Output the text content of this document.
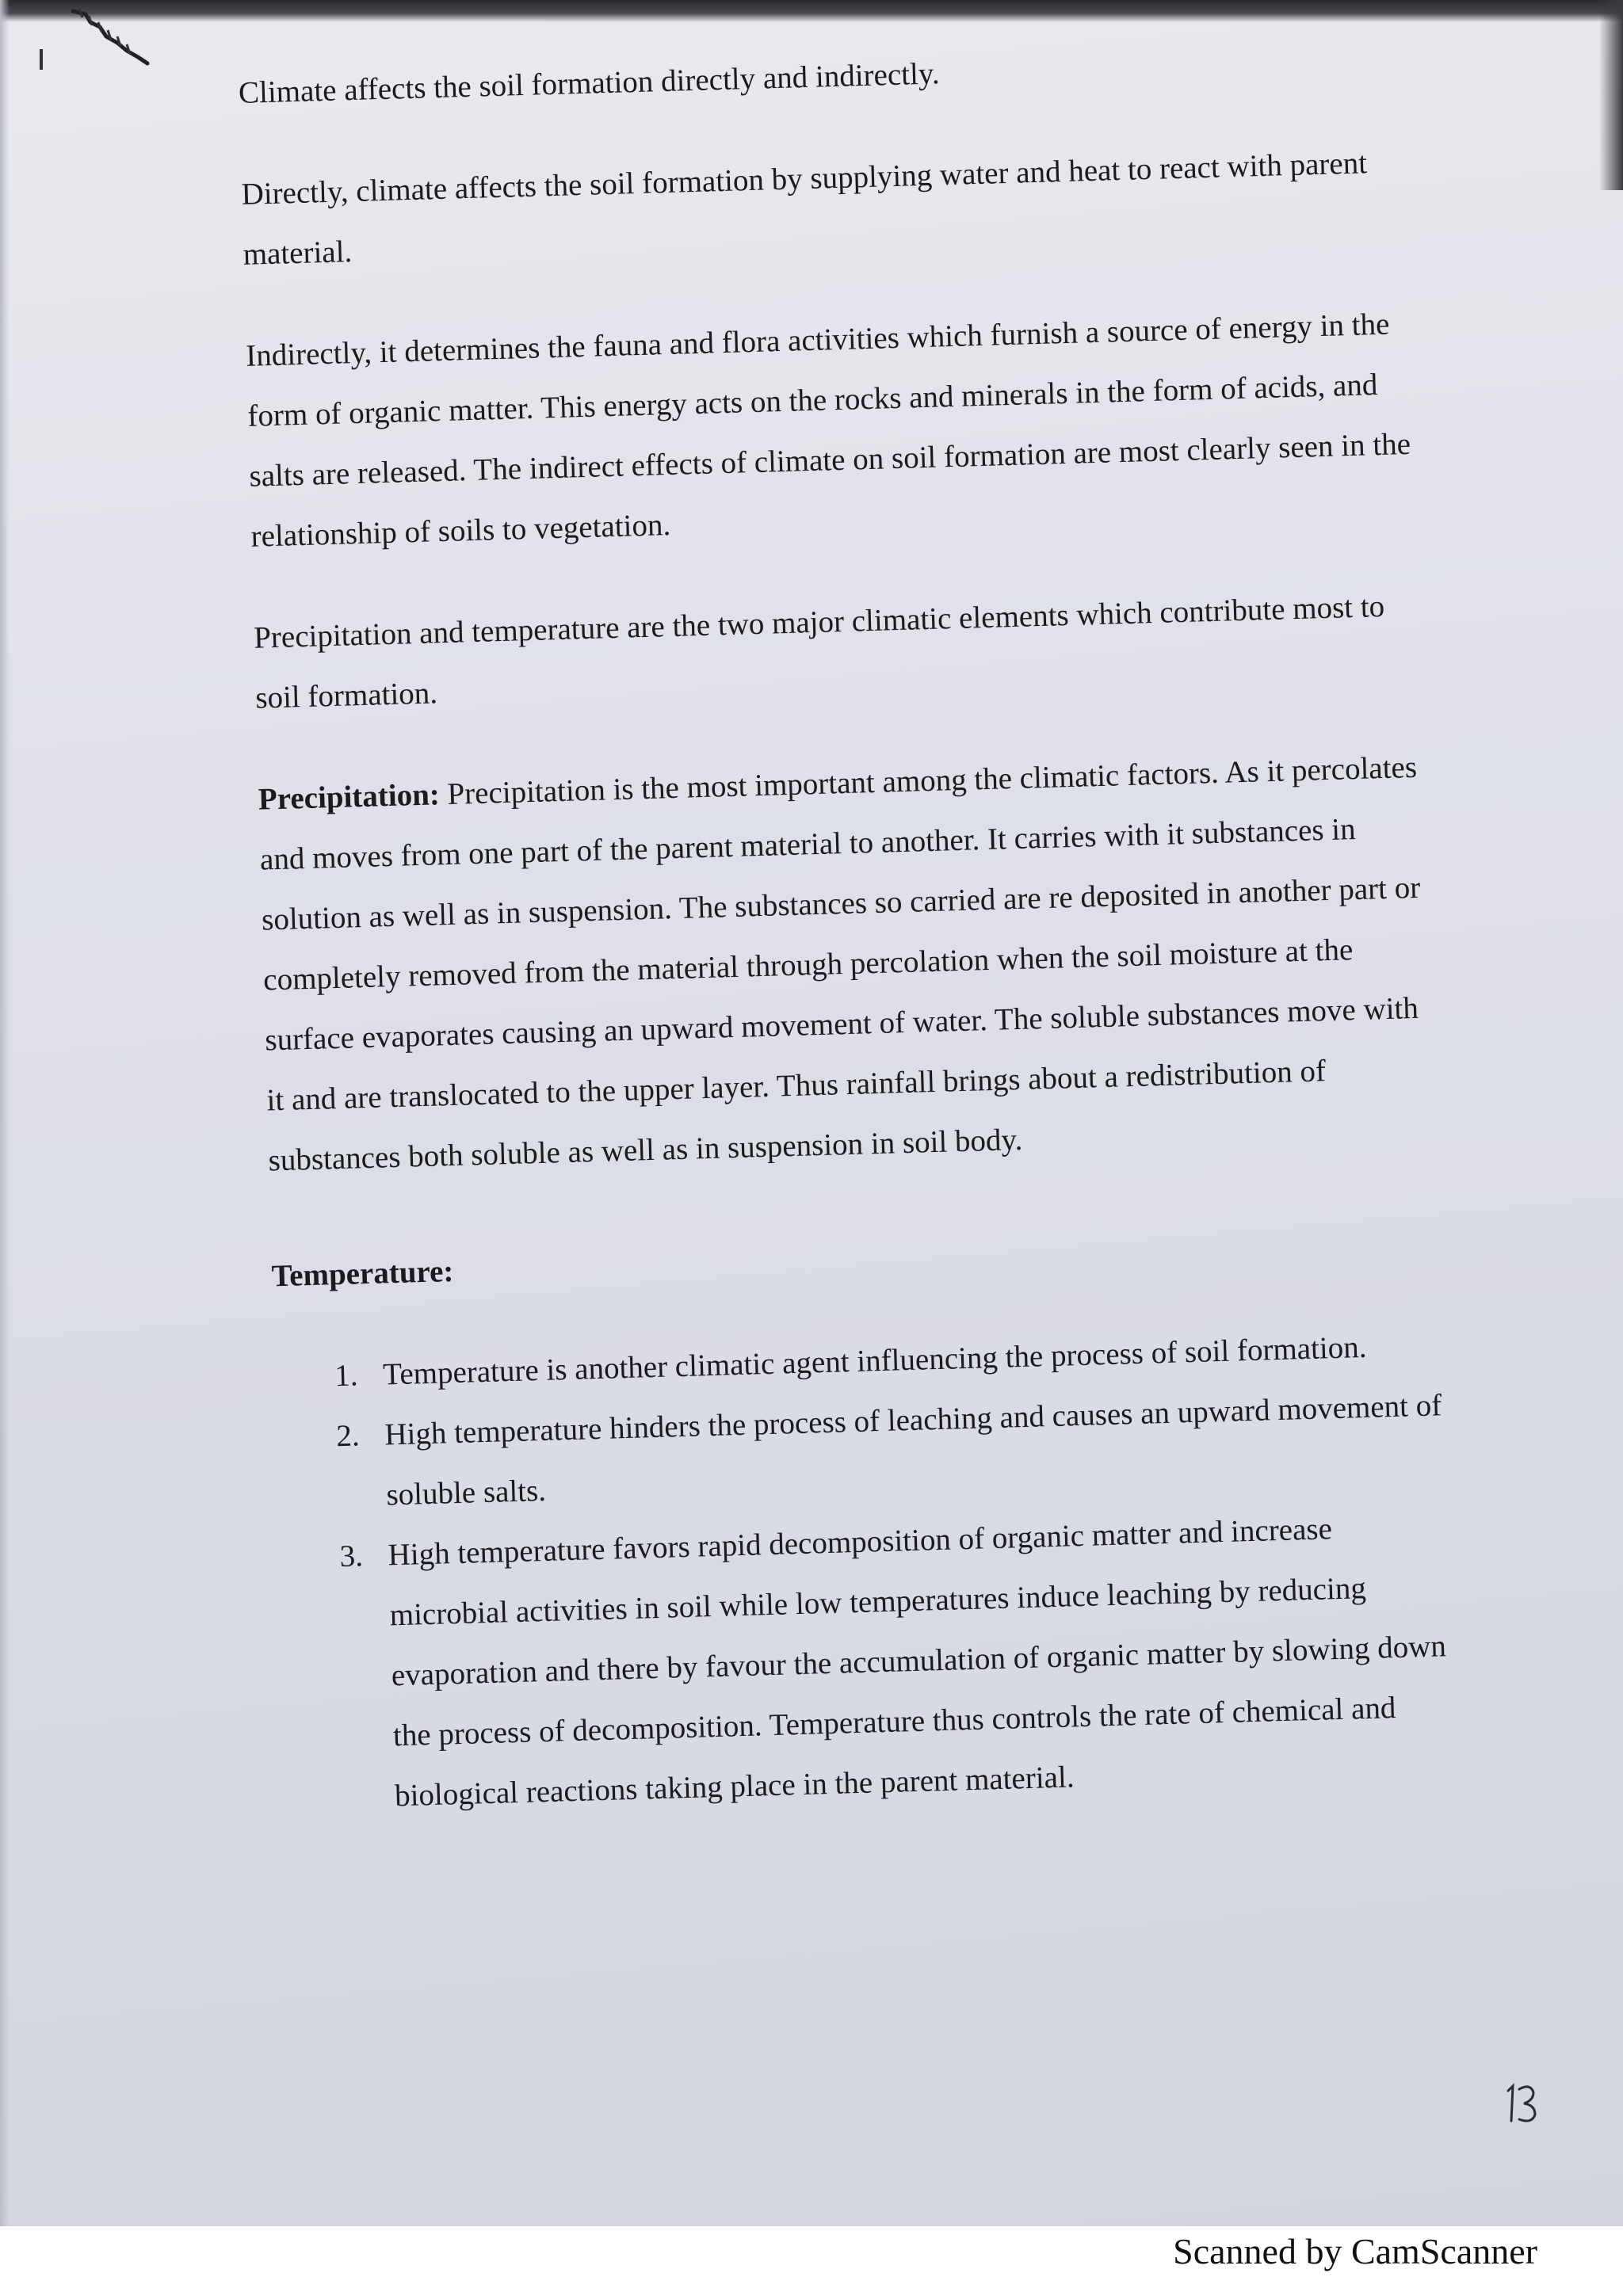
Climate affects the soil formation directly and indirectly.

Directly, climate affects the soil formation by supplying water and heat to react with parent material.

Indirectly, it determines the fauna and flora activities which furnish a source of energy in the form of organic matter. This energy acts on the rocks and minerals in the form of acids, and salts are released. The indirect effects of climate on soil formation are most clearly seen in the relationship of soils to vegetation.

Precipitation and temperature are the two major climatic elements which contribute most to soil formation.

Precipitation: Precipitation is the most important among the climatic factors. As it percolates and moves from one part of the parent material to another. It carries with it substances in solution as well as in suspension. The substances so carried are re deposited in another part or completely removed from the material through percolation when the soil moisture at the surface evaporates causing an upward movement of water. The soluble substances move with it and are translocated to the upper layer. Thus rainfall brings about a redistribution of substances both soluble as well as in suspension in soil body.

Temperature:
1. Temperature is another climatic agent influencing the process of soil formation.
2. High temperature hinders the process of leaching and causes an upward movement of soluble salts.
3. High temperature favors rapid decomposition of organic matter and increase microbial activities in soil while low temperatures induce leaching by reducing evaporation and there by favour the accumulation of organic matter by slowing down the process of decomposition. Temperature thus controls the rate of chemical and biological reactions taking place in the parent material.
Scanned by CamScanner
